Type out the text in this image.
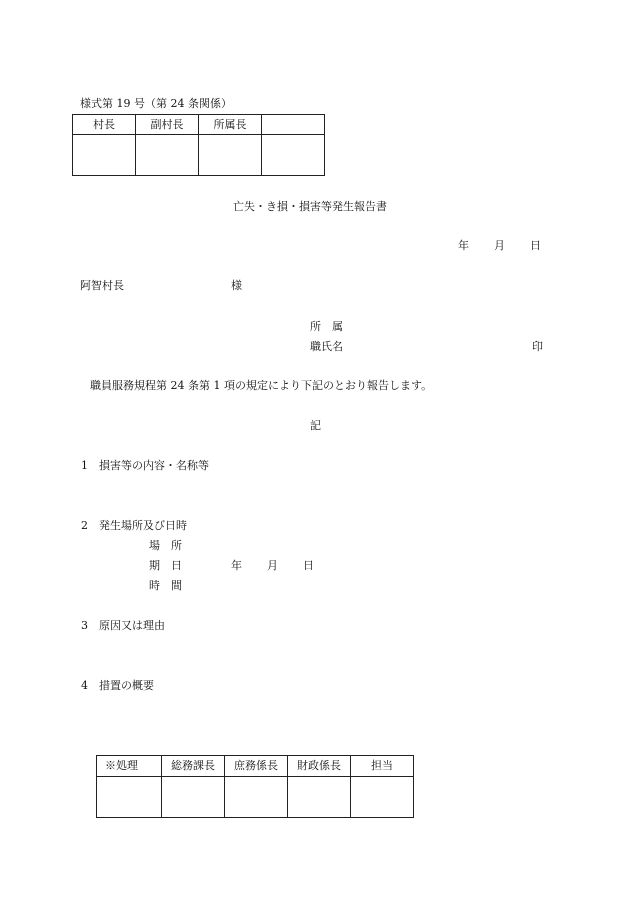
様式第 19 号（第 24 条関係）
村長	副村長	所属長	

亡失・き損・損害等発生報告書
年 月 日
阿智村長	様
所　属
職氏名	印
職員服務規程第 24 条第 1 項の規定により下記のとおり報告します。
記
1　損害等の内容・名称等
2　発生場所及び日時
場　所
期　日	年 月 日
時　間
3　原因又は理由
4　措置の概要
※処理	総務課長	庶務係長	財政係長	担当
